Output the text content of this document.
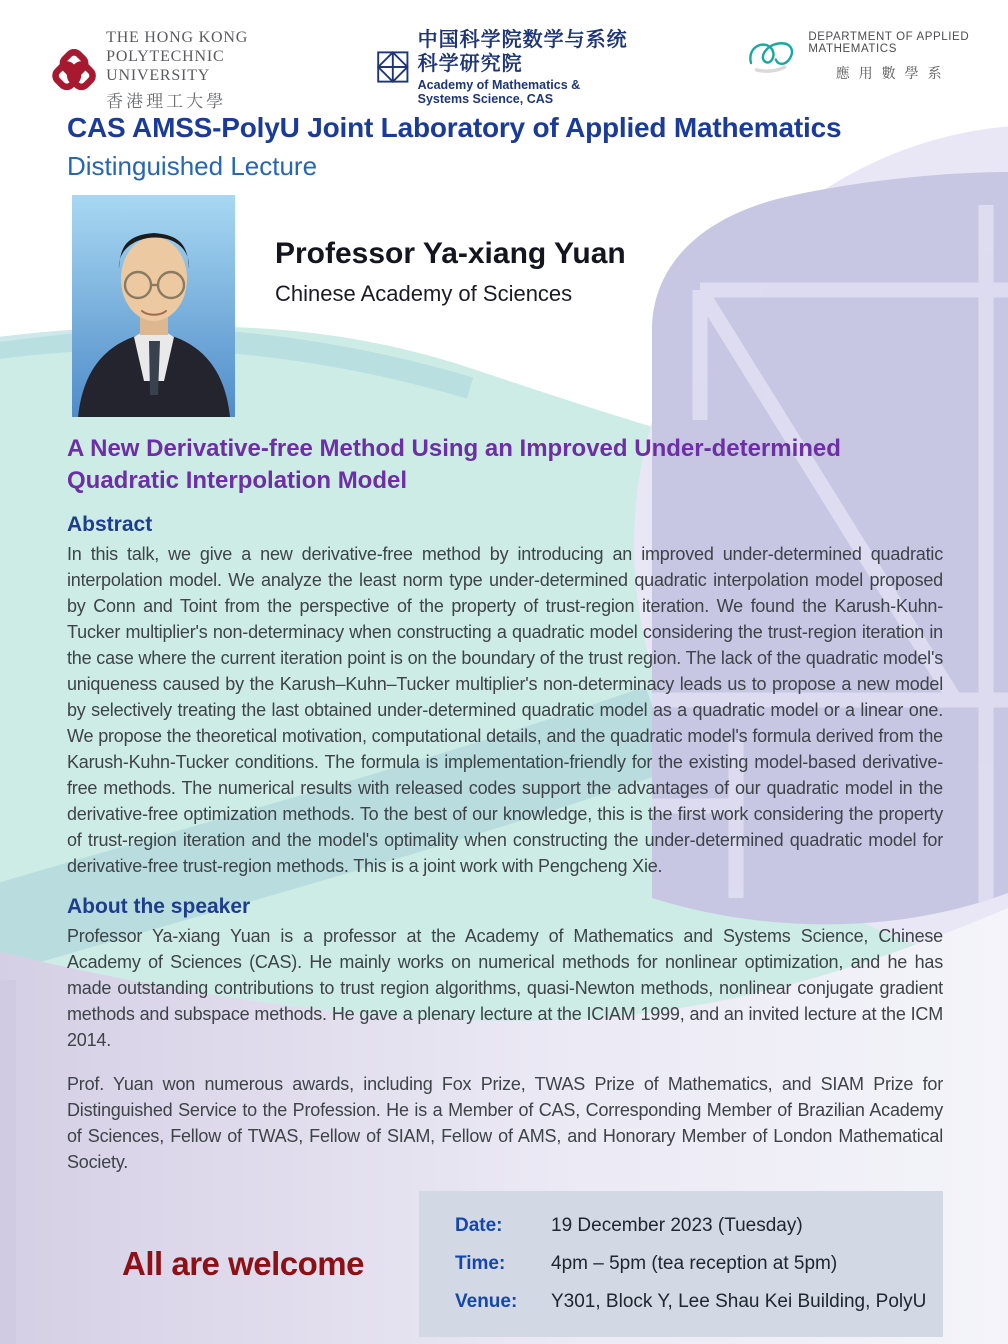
THE HONG KONG
POLYTECHNIC UNIVERSITY
香港理工大學
中国科学院数学与系统科学研究院
Academy of Mathematics & Systems Science, CAS
DEPARTMENT OF APPLIED MATHEMATICS
應用數學系
CAS AMSS-PolyU Joint Laboratory of Applied Mathematics
Distinguished Lecture
Professor Ya-xiang Yuan
Chinese Academy of Sciences
A New Derivative-free Method Using an Improved Under-determined Quadratic Interpolation Model
Abstract

In this talk, we give a new derivative-free method by introducing an improved under-determined quadratic interpolation model. We analyze the least norm type under-determined quadratic interpolation model proposed by Conn and Toint from the perspective of the property of trust-region iteration. We found the Karush-Kuhn-Tucker multiplier's non-determinacy when constructing a quadratic model considering the trust-region iteration in the case where the current iteration point is on the boundary of the trust region. The lack of the quadratic model's uniqueness caused by the Karush–Kuhn–Tucker multiplier's non-determinacy leads us to propose a new model by selectively treating the last obtained under-determined quadratic model as a quadratic model or a linear one. We propose the theoretical motivation, computational details, and the quadratic model's formula derived from the Karush-Kuhn-Tucker conditions. The formula is implementation-friendly for the existing model-based derivative-free methods. The numerical results with released codes support the advantages of our quadratic model in the derivative-free optimization methods. To the best of our knowledge, this is the first work considering the property of trust-region iteration and the model's optimality when constructing the under-determined quadratic model for derivative-free trust-region methods. This is a joint work with Pengcheng Xie.

About the speaker

Professor Ya-xiang Yuan is a professor at the Academy of Mathematics and Systems Science, Chinese Academy of Sciences (CAS). He mainly works on numerical methods for nonlinear optimization, and he has made outstanding contributions to trust region algorithms, quasi-Newton methods, nonlinear conjugate gradient methods and subspace methods. He gave a plenary lecture at the ICIAM 1999, and an invited lecture at the ICM 2014.

Prof. Yuan won numerous awards, including Fox Prize, TWAS Prize of Mathematics, and SIAM Prize for Distinguished Service to the Profession. He is a Member of CAS, Corresponding Member of Brazilian Academy of Sciences, Fellow of TWAS, Fellow of SIAM, Fellow of AMS, and Honorary Member of London Mathematical Society.

All are welcome
Date:	19 December 2023 (Tuesday)
Time:	4pm – 5pm (tea reception at 5pm)
Venue:	Y301, Block Y, Lee Shau Kei Building, PolyU
